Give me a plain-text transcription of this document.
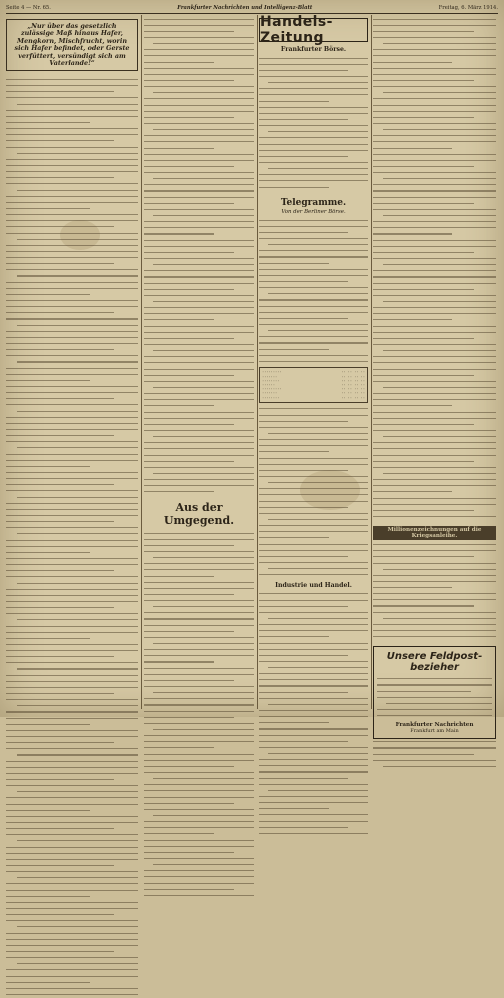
Seite 4 — Nr. 65.	Frankfurter Nachrichten und Intelligenz-Blatt	Freitag, 6. März 1914.
„Nur über das gesetzlich zulässige Maß hinaus Hafer, Mengkorn, Mischfrucht, worin sich Hafer befindet, oder Gerste verfüttert, versündigt sich am Vaterlande!“
Aus der Umgegend.
Handels-Zeitung
Frankfurter Börse.
Telegramme.
Von der Berliner Börse.
·········	·· ·· ·· ··
·······	·· ·· ·· ··
········	·· ·· ·· ··
······	·· ·· ·· ··
·········	·· ·· ·· ··
·······	·· ·· ·· ··
········	·· ·· ·· ··
Industrie und Handel.
Millionenzeichnungen auf die Kriegsanleihe.
Unsere Feldpost-
bezieher
Frankfurter Nachrichten
Frankfurt am Main
